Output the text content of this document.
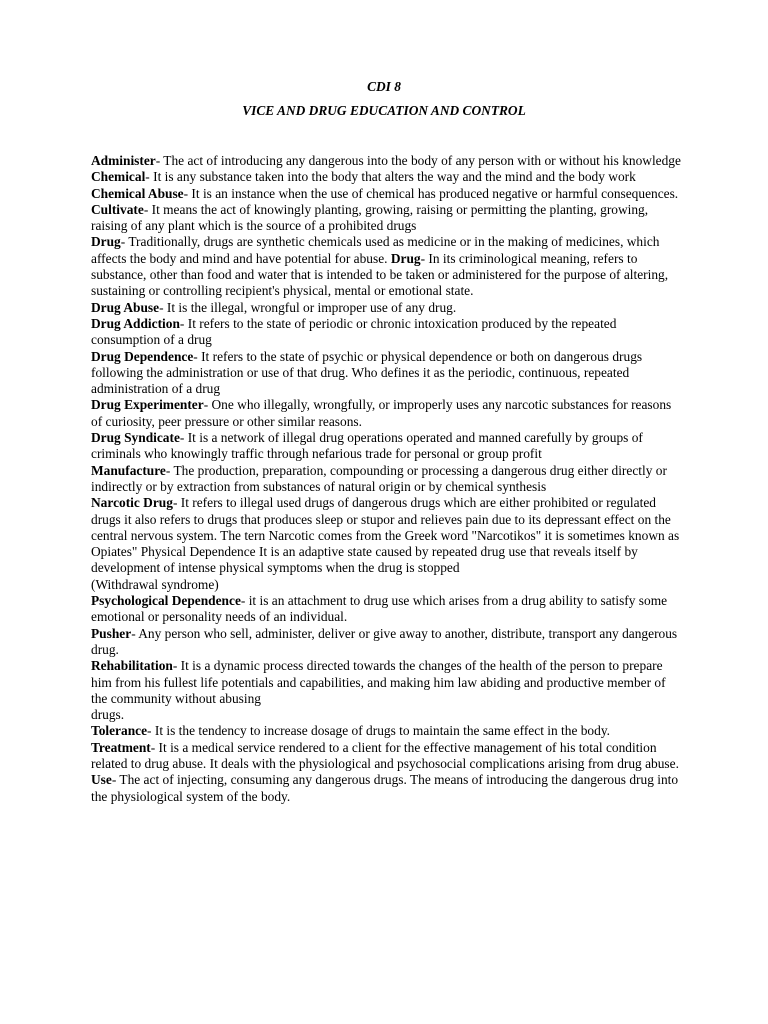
CDI 8
VICE AND DRUG EDUCATION AND CONTROL

Administer- The act of introducing any dangerous into the body of any person with or without his knowledge

Chemical- It is any substance taken into the body that alters the way and the mind and the body work

Chemical Abuse- It is an instance when the use of chemical has produced negative or harmful consequences.

Cultivate- It means the act of knowingly planting, growing, raising or permitting the planting, growing, raising of any plant which is the source of a prohibited drugs

Drug- Traditionally, drugs are synthetic chemicals used as medicine or in the making of medicines, which affects the body and mind and have potential for abuse. Drug- In its criminological meaning, refers to substance, other than food and water that is intended to be taken or administered for the purpose of altering, sustaining or controlling recipient's physical, mental or emotional state.

Drug Abuse- It is the illegal, wrongful or improper use of any drug.

Drug Addiction- It refers to the state of periodic or chronic intoxication produced by the repeated consumption of a drug

Drug Dependence- It refers to the state of psychic or physical dependence or both on dangerous drugs following the administration or use of that drug. Who defines it as the periodic, continuous, repeated administration of a drug

Drug Experimenter- One who illegally, wrongfully, or improperly uses any narcotic substances for reasons of curiosity, peer pressure or other similar reasons.

Drug Syndicate- It is a network of illegal drug operations operated and manned carefully by groups of criminals who knowingly traffic through nefarious trade for personal or group profit

Manufacture- The production, preparation, compounding or processing a dangerous drug either directly or indirectly or by extraction from substances of natural origin or by chemical synthesis

Narcotic Drug- It refers to illegal used drugs of dangerous drugs which are either prohibited or regulated drugs it also refers to drugs that produces sleep or stupor and relieves pain due to its depressant effect on the central nervous system. The tern Narcotic comes from the Greek word "Narcotikos" it is sometimes known as Opiates" Physical Dependence It is an adaptive state caused by repeated drug use that reveals itself by development of intense physical symptoms when the drug is stopped

(Withdrawal syndrome)

Psychological Dependence- it is an attachment to drug use which arises from a drug ability to satisfy some emotional or personality needs of an individual.

Pusher- Any person who sell, administer, deliver or give away to another, distribute, transport any dangerous drug.

Rehabilitation- It is a dynamic process directed towards the changes of the health of the person to prepare him from his fullest life potentials and capabilities, and making him law abiding and productive member of the community without abusing

drugs.

Tolerance- It is the tendency to increase dosage of drugs to maintain the same effect in the body.

Treatment- It is a medical service rendered to a client for the effective management of his total condition related to drug abuse. It deals with the physiological and psychosocial complications arising from drug abuse.

Use- The act of injecting, consuming any dangerous drugs. The means of introducing the dangerous drug into the physiological system of the body.
